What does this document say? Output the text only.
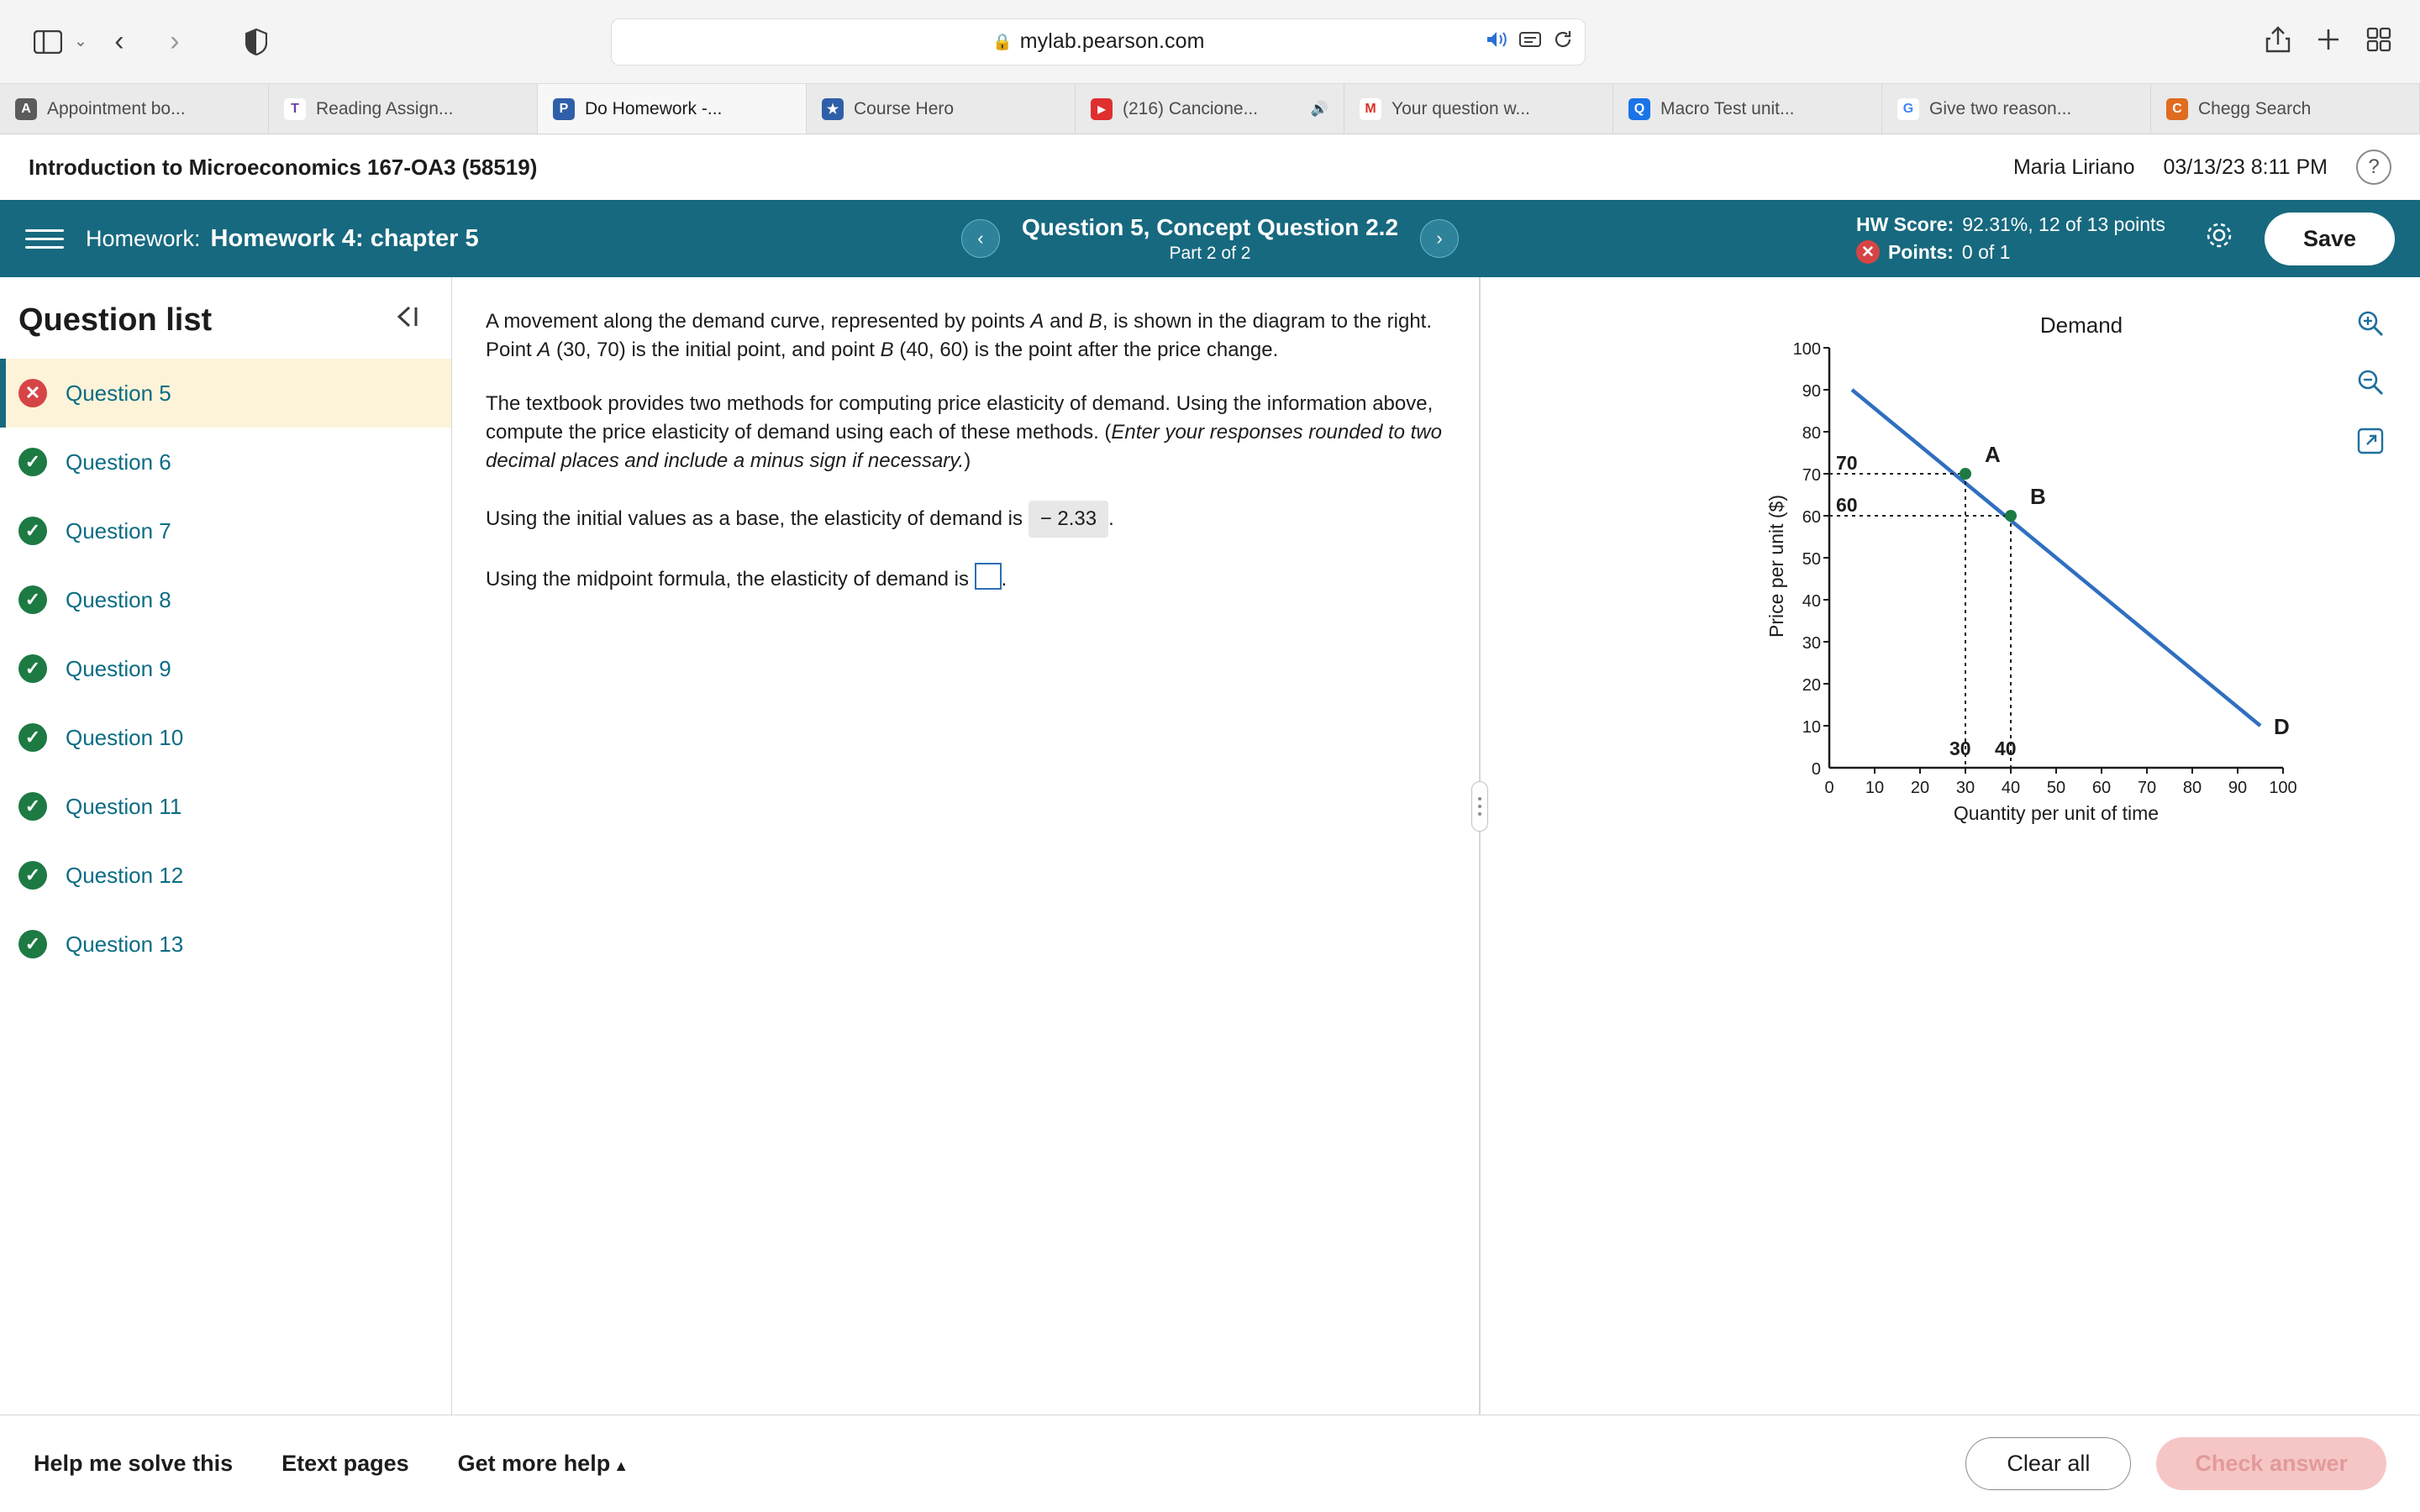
⌄ ‹	›	🔒 mylab.pearson.com
A Appointment bo...	T Reading Assign...	P Do Homework -...	★ Course Hero	▶ (216) Cancione...	🔊	M Your question w...	Q Macro Test unit...	G Give two reason...	C Chegg Search
Introduction to Microeconomics 167-OA3 (58519)	Maria Liriano 03/13/23 8:11 PM	?
Homework: Homework 4: chapter 5	‹	Question 5, Concept Question 2.2
Part 2 of 2
›
HW Score: 92.31%, 12 of 13 points
✕ Points: 0 of 1
Save
Question list
✕ Question 5
✓ Question 6
✓ Question 7
✓ Question 8
✓ Question 9
✓ Question 10
✓ Question 11
✓ Question 12
✓ Question 13

A movement along the demand curve, represented by points A and B, is shown in the diagram to the right. Point A (30, 70) is the initial point, and point B (40, 60) is the point after the price change.

The textbook provides two methods for computing price elasticity of demand. Using the information above, compute the price elasticity of demand using each of these methods. (Enter your responses rounded to two decimal places and include a minus sign if necessary.)

Using the initial values as a base, the elasticity of demand is − 2.33 .

Using the midpoint formula, the elasticity of demand is .

Demand
100
90
80
70
60
50
40
30
20
10
0
0 10 20 30 40 50 60 70 80 90 100
Quantity per unit of time
Price per unit ($)
D
70
60
30 40
A
B
Help me solve this Etext pages Get more help ▲	Clear all	Check answer
